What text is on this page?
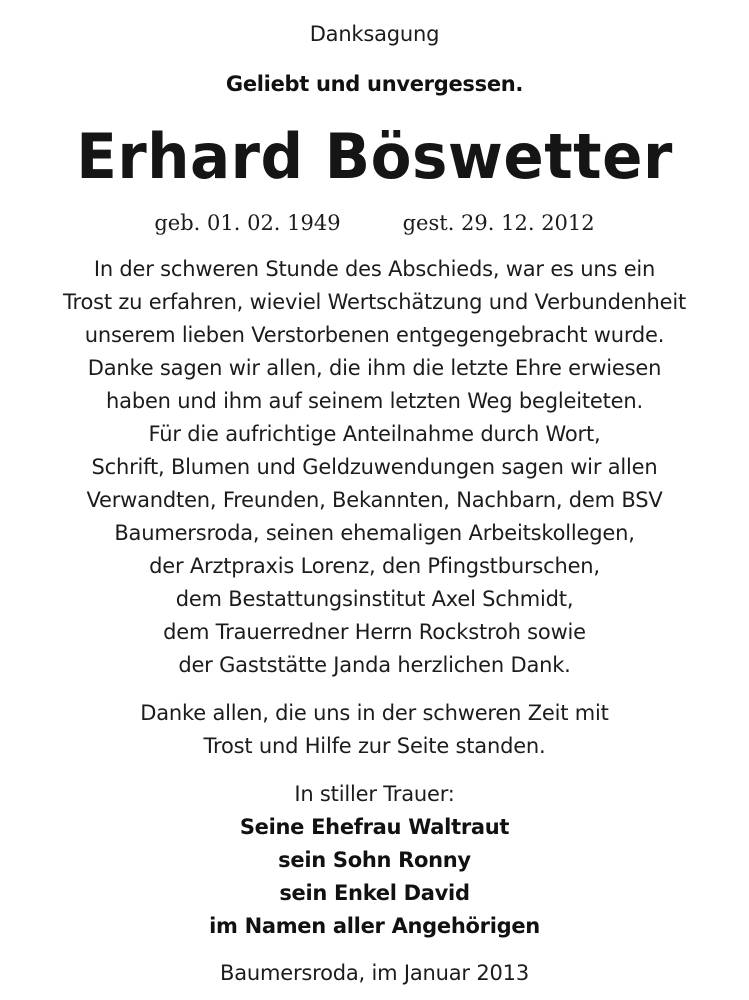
Danksagung
Geliebt und unvergessen.
Erhard Böswetter
geb. 01. 02. 1949	gest. 29. 12. 2012
In der schweren Stunde des Abschieds, war es uns ein
Trost zu erfahren, wieviel Wertschätzung und Verbundenheit
unserem lieben Verstorbenen entgegengebracht wurde.
Danke sagen wir allen, die ihm die letzte Ehre erwiesen
haben und ihm auf seinem letzten Weg begleiteten.
Für die aufrichtige Anteilnahme durch Wort,
Schrift, Blumen und Geldzuwendungen sagen wir allen
Verwandten, Freunden, Bekannten, Nachbarn, dem BSV
Baumersroda, seinen ehemaligen Arbeitskollegen,
der Arztpraxis Lorenz, den Pfingstburschen,
dem Bestattungsinstitut Axel Schmidt,
dem Trauerredner Herrn Rockstroh sowie
der Gaststätte Janda herzlichen Dank.
Danke allen, die uns in der schweren Zeit mit
Trost und Hilfe zur Seite standen.
In stiller Trauer:
Seine Ehefrau Waltraut
sein Sohn Ronny
sein Enkel David
im Namen aller Angehörigen
Baumersroda, im Januar 2013
